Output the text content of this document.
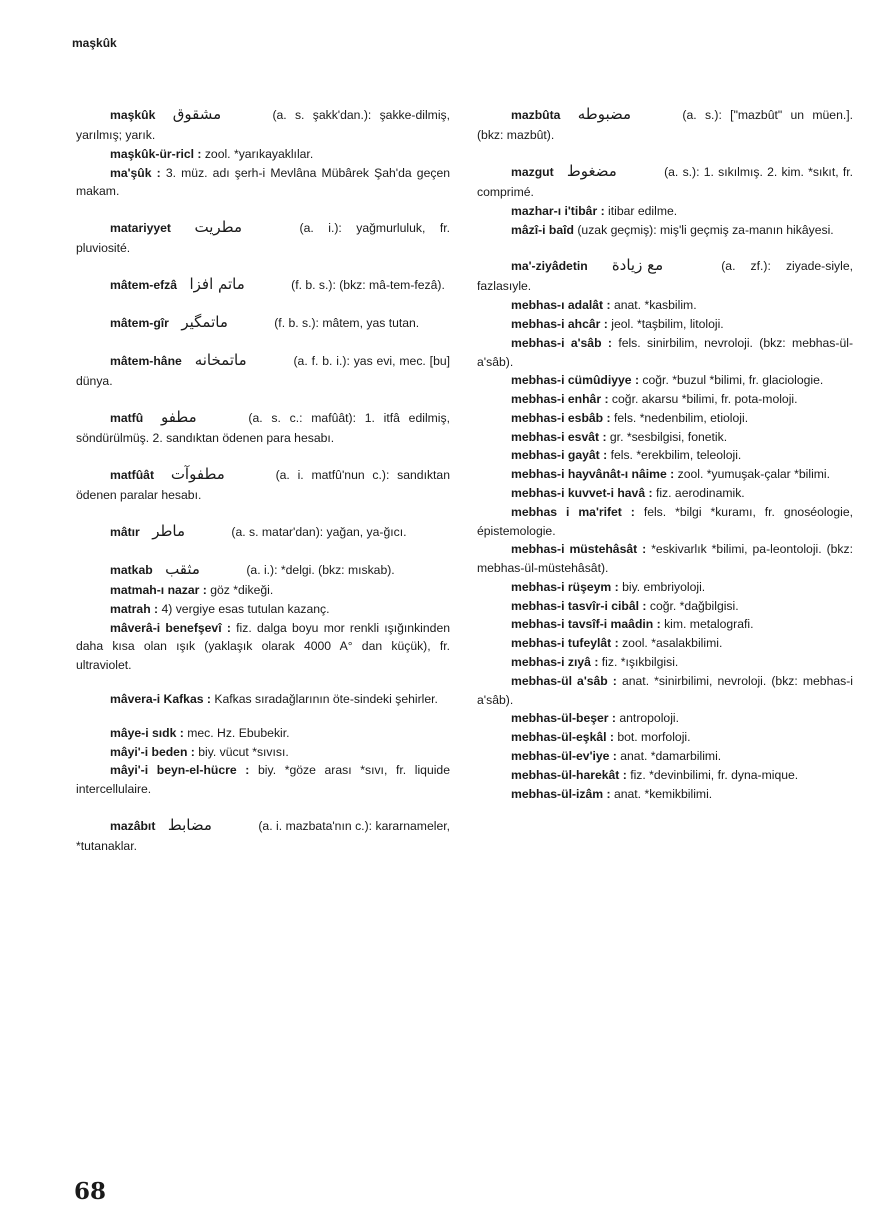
maşkûk

maşkûk مشقوق	(a. s. şakk'dan.): şakke-dilmiş, yarılmış; yarık.

maşkûk-ür-ricl : zool. *yarıkayaklılar.

ma'şûk : 3. müz. adı şerh-i Mevlâna Mübârek Şah'da geçen makam.

matariyyet مطريت	(a. i.): yağmurluluk, fr. pluviosité.

mâtem-efzâ ماتم افزا	(f. b. s.): (bkz: mâ-tem-fezâ).

mâtem-gîr ماتمگیر	(f. b. s.): mâtem, yas tutan.

mâtem-hâne ماتمخانه	(a. f. b. i.): yas evi, mec. [bu] dünya.

matfû مطفو	(a. s. c.: mafûât): 1. itfâ edilmiş, söndürülmüş. 2. sandıktan ödenen para hesabı.

matfûât مطفوآت	(a. i. matfû'nun c.): sandıktan ödenen paralar hesabı.

mâtır ماطر	(a. s. matar'dan): yağan, ya-ğıcı.

matkab مثقب	(a. i.): *delgi. (bkz: mıskab).

matmah-ı nazar : göz *dikeği.

matrah : 4) vergiye esas tutulan kazanç.

mâverâ-i benefşevî : fiz. dalga boyu mor renkli ışığınkinden daha kısa olan ışık (yaklaşık olarak 4000 A° dan küçük), fr. ultraviolet.

mâvera-i Kafkas : Kafkas sıradağlarının öte-sindeki şehirler.

mâye-i sıdk : mec. Hz. Ebubekir.

mâyi'-i beden : biy. vücut *sıvısı.

mâyi'-i beyn-el-hücre : biy. *göze arası *sıvı, fr. liquide intercellulaire.

mazâbıt مضابط	(a. i. mazbata'nın c.): kararnameler, *tutanaklar.

mazbûta مضبوطه	(a. s.): ["mazbût" un müen.]. (bkz: mazbût).

mazgut مضغوط	(a. s.): 1. sıkılmış. 2. kim. *sıkıt, fr. comprimé.

mazhar-ı i'tibâr : itibar edilme.

mâzî-i baîd (uzak geçmiş): miş'li geçmiş za-manın hikâyesi.

ma'-ziyâdetin مع زيادة	(a. zf.): ziyade-siyle, fazlasıyle.

mebhas-ı adalât : anat. *kasbilim.

mebhas-i ahcâr : jeol. *taşbilim, litoloji.

mebhas-i a'sâb : fels. sinirbilim, nevroloji. (bkz: mebhas-ül-a'sâb).

mebhas-i cümûdiyye : coğr. *buzul *bilimi, fr. glaciologie.

mebhas-i enhâr : coğr. akarsu *bilimi, fr. pota-moloji.

mebhas-i esbâb : fels. *nedenbilim, etioloji.

mebhas-i esvât : gr. *sesbilgisi, fonetik.

mebhas-i gayât : fels. *erekbilim, teleoloji.

mebhas-i hayvânât-ı nâime : zool. *yumuşak-çalar *bilimi.

mebhas-i kuvvet-i havâ : fiz. aerodinamik.

mebhas i ma'rifet : fels. *bilgi *kuramı, fr. gnoséologie, épistemologie.

mebhas-i müstehâsât : *eskivarlık *bilimi, pa-leontoloji. (bkz: mebhas-ül-müstehâsât).

mebhas-i rüşeym : biy. embriyoloji.

mebhas-i tasvîr-i cibâl : coğr. *dağbilgisi.

mebhas-i tavsîf-i maâdin : kim. metalografi.

mebhas-i tufeylât : zool. *asalakbilimi.

mebhas-i zıyâ : fiz. *ışıkbilgisi.

mebhas-ül a'sâb : anat. *sinirbilimi, nevroloji. (bkz: mebhas-i a'sâb).

mebhas-ül-beşer : antropoloji.

mebhas-ül-eşkâl : bot. morfoloji.

mebhas-ül-ev'iye : anat. *damarbilimi.

mebhas-ül-harekât : fiz. *devinbilimi, fr. dyna-mique.

mebhas-ül-izâm : anat. *kemikbilimi.

68
